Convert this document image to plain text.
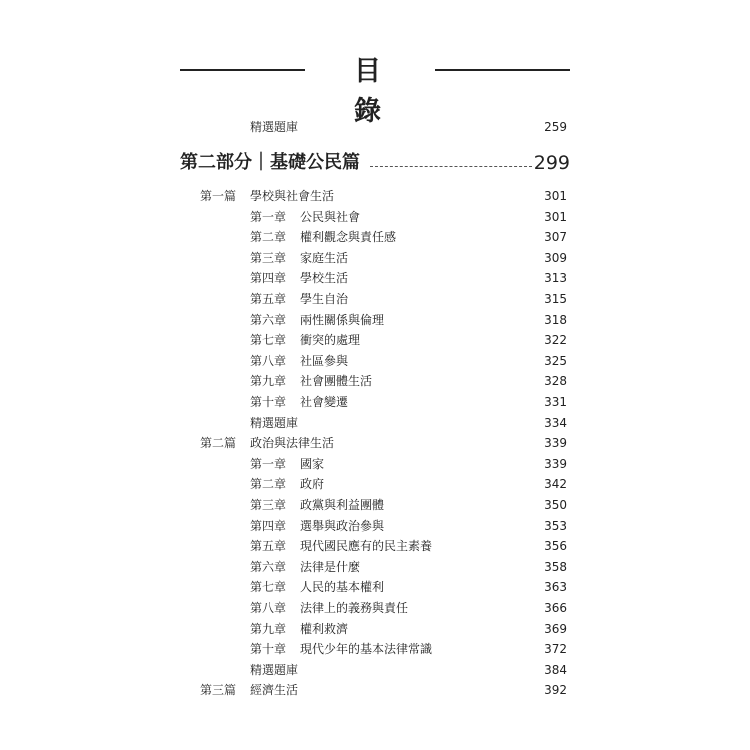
目 錄
精選題庫	259
第二部分｜基礎公民篇	299
第一篇 學校與社會生活	301
第一章 公民與社會	301
第二章 權利觀念與責任感	307
第三章 家庭生活	309
第四章 學校生活	313
第五章 學生自治	315
第六章 兩性關係與倫理	318
第七章 衝突的處理	322
第八章 社區參與	325
第九章 社會團體生活	328
第十章 社會變遷	331
精選題庫	334
第二篇 政治與法律生活	339
第一章 國家	339
第二章 政府	342
第三章 政黨與利益團體	350
第四章 選舉與政治參與	353
第五章 現代國民應有的民主素養	356
第六章 法律是什麼	358
第七章 人民的基本權利	363
第八章 法律上的義務與責任	366
第九章 權利救濟	369
第十章 現代少年的基本法律常識	372
精選題庫	384
第三篇 經濟生活	392
